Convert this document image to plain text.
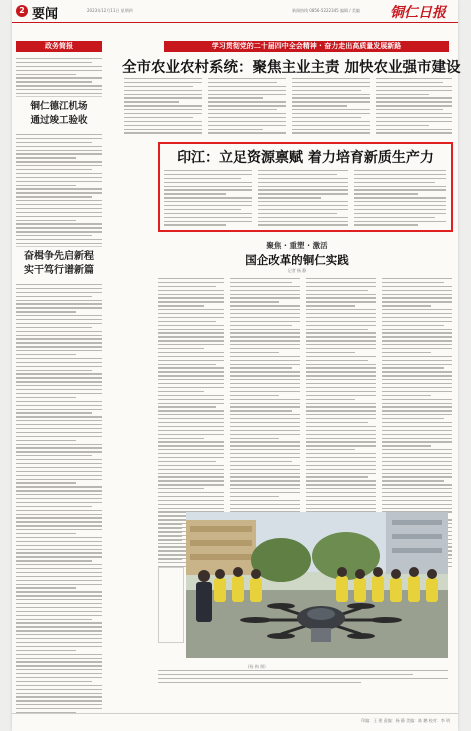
2 要闻	2023年12月11日 星期四	新闻热线 0856-5222345 编辑 / 美编 铜仁日报
政务简报
铜仁德江机场
通过竣工验收
奋楫争先启新程
实干笃行谱新篇
学习贯彻党的二十届四中全会精神 · 奋力走出高质量发展新路
全市农业农村系统：聚焦主业主责 加快农业强市建设
印江：立足资源禀赋 着力培育新质生产力
聚焦 · 重塑 · 激活
国企改革的铜仁实践
记者 杨 静
(杨 梅 摄)
印编：王 建 责编：杨 静 美编：陈 鹏 校对：李 明
